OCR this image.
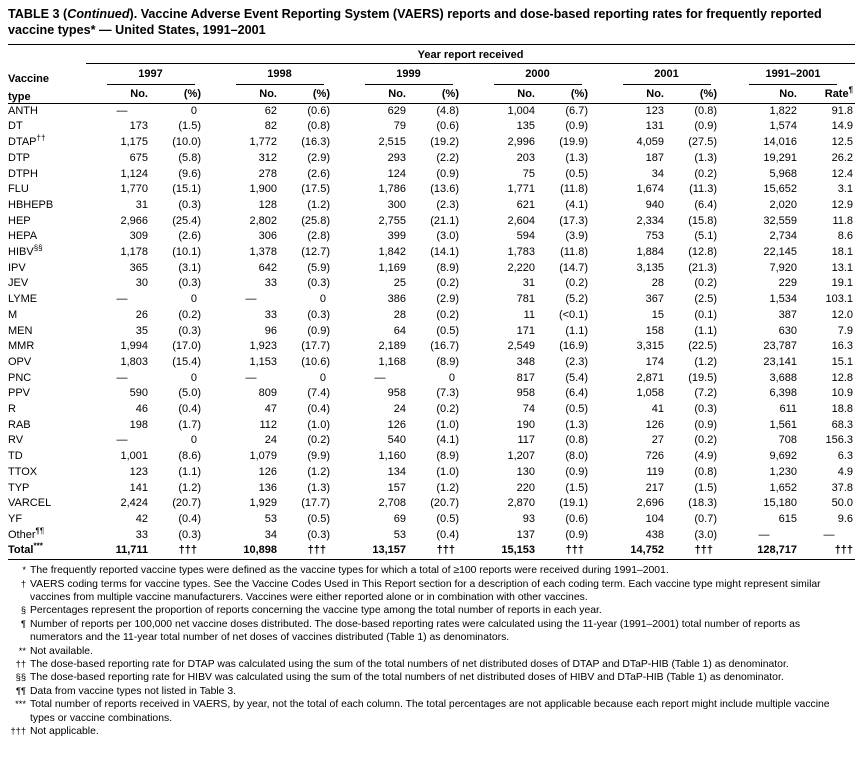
TABLE 3 (Continued). Vaccine Adverse Event Reporting System (VAERS) reports and dose-based reporting rates for frequently reported vaccine types* — United States, 1991–2001
	Year report received											
Vaccine	1997		1998		1999		2000		2001		1991–2001	
type	No.	(%)	No.	(%)	No.	(%)	No.	(%)	No.	(%)	No.	Rate¶
ANTH	—	0	62	(0.6)	629	(4.8)	1,004	(6.7)	123	(0.8)	1,822	91.8
DT	173	(1.5)	82	(0.8)	79	(0.6)	135	(0.9)	131	(0.9)	1,574	14.9
DTAP††	1,175	(10.0)	1,772	(16.3)	2,515	(19.2)	2,996	(19.9)	4,059	(27.5)	14,016	12.5
DTP	675	(5.8)	312	(2.9)	293	(2.2)	203	(1.3)	187	(1.3)	19,291	26.2
DTPH	1,124	(9.6)	278	(2.6)	124	(0.9)	75	(0.5)	34	(0.2)	5,968	12.4
FLU	1,770	(15.1)	1,900	(17.5)	1,786	(13.6)	1,771	(11.8)	1,674	(11.3)	15,652	3.1
HBHEPB	31	(0.3)	128	(1.2)	300	(2.3)	621	(4.1)	940	(6.4)	2,020	12.9
HEP	2,966	(25.4)	2,802	(25.8)	2,755	(21.1)	2,604	(17.3)	2,334	(15.8)	32,559	11.8
HEPA	309	(2.6)	306	(2.8)	399	(3.0)	594	(3.9)	753	(5.1)	2,734	8.6
HIBV§§	1,178	(10.1)	1,378	(12.7)	1,842	(14.1)	1,783	(11.8)	1,884	(12.8)	22,145	18.1
IPV	365	(3.1)	642	(5.9)	1,169	(8.9)	2,220	(14.7)	3,135	(21.3)	7,920	13.1
JEV	30	(0.3)	33	(0.3)	25	(0.2)	31	(0.2)	28	(0.2)	229	19.1
LYME	—	0	—	0	386	(2.9)	781	(5.2)	367	(2.5)	1,534	103.1
M	26	(0.2)	33	(0.3)	28	(0.2)	11	(<0.1)	15	(0.1)	387	12.0
MEN	35	(0.3)	96	(0.9)	64	(0.5)	171	(1.1)	158	(1.1)	630	7.9
MMR	1,994	(17.0)	1,923	(17.7)	2,189	(16.7)	2,549	(16.9)	3,315	(22.5)	23,787	16.3
OPV	1,803	(15.4)	1,153	(10.6)	1,168	(8.9)	348	(2.3)	174	(1.2)	23,141	15.1
PNC	—	0	—	0	—	0	817	(5.4)	2,871	(19.5)	3,688	12.8
PPV	590	(5.0)	809	(7.4)	958	(7.3)	958	(6.4)	1,058	(7.2)	6,398	10.9
R	46	(0.4)	47	(0.4)	24	(0.2)	74	(0.5)	41	(0.3)	611	18.8
RAB	198	(1.7)	112	(1.0)	126	(1.0)	190	(1.3)	126	(0.9)	1,561	68.3
RV	—	0	24	(0.2)	540	(4.1)	117	(0.8)	27	(0.2)	708	156.3
TD	1,001	(8.6)	1,079	(9.9)	1,160	(8.9)	1,207	(8.0)	726	(4.9)	9,692	6.3
TTOX	123	(1.1)	126	(1.2)	134	(1.0)	130	(0.9)	119	(0.8)	1,230	4.9
TYP	141	(1.2)	136	(1.3)	157	(1.2)	220	(1.5)	217	(1.5)	1,652	37.8
VARCEL	2,424	(20.7)	1,929	(17.7)	2,708	(20.7)	2,870	(19.1)	2,696	(18.3)	15,180	50.0
YF	42	(0.4)	53	(0.5)	69	(0.5)	93	(0.6)	104	(0.7)	615	9.6
Other¶¶	33	(0.3)	34	(0.3)	53	(0.4)	137	(0.9)	438	(3.0)	—	—
Total***	11,711	†††	10,898	†††	13,157	†††	15,153	†††	14,752	†††	128,717	†††
* The frequently reported vaccine types were defined as the vaccine types for which a total of ≥100 reports were received during 1991–2001.
† VAERS coding terms for vaccine types. See the Vaccine Codes Used in This Report section for a description of each coding term. Each vaccine type might represent similar vaccines from multiple vaccine manufacturers. Vaccines were either reported alone or in combination with other vaccines.
§ Percentages represent the proportion of reports concerning the vaccine type among the total number of reports in each year.
¶ Number of reports per 100,000 net vaccine doses distributed. The dose-based reporting rates were calculated using the 11-year (1991–2001) total number of reports as numerators and the 11-year total number of net doses of vaccines distributed (Table 1) as denominators.
** Not available.
†† The dose-based reporting rate for DTAP was calculated using the sum of the total numbers of net distributed doses of DTAP and DTaP-HIB (Table 1) as denominator.
§§ The dose-based reporting rate for HIBV was calculated using the sum of the total numbers of net distributed doses of HIBV and DTaP-HIB (Table 1) as denominator.
¶¶ Data from vaccine types not listed in Table 3.
*** Total number of reports received in VAERS, by year, not the total of each column. The total percentages are not applicable because each report might include multiple vaccine types or vaccine combinations.
††† Not applicable.
